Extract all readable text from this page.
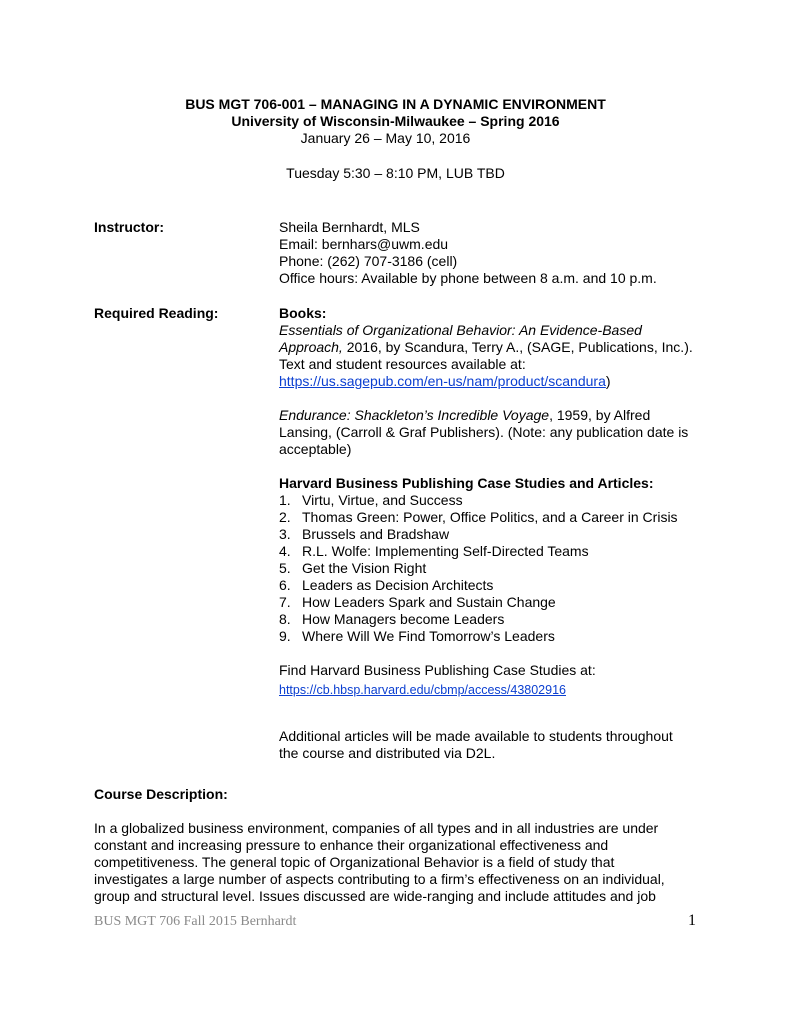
BUS MGT 706-001 – MANAGING IN A DYNAMIC ENVIRONMENT
University of Wisconsin-Milwaukee – Spring 2016
January 26 – May 10, 2016
Tuesday 5:30 – 8:10 PM, LUB TBD
Instructor:	Sheila Bernhardt, MLS
Email: bernhars@uwm.edu
Phone: (262) 707-3186 (cell)
Office hours: Available by phone between 8 a.m. and 10 p.m.
Required Reading:	Books:
Essentials of Organizational Behavior: An Evidence-Based
Approach, 2016, by Scandura, Terry A., (SAGE, Publications, Inc.).
Text and student resources available at:
https://us.sagepub.com/en-us/nam/product/scandura)
Endurance: Shackleton’s Incredible Voyage, 1959, by Alfred
Lansing, (Carroll & Graf Publishers). (Note: any publication date is
acceptable)
Harvard Business Publishing Case Studies and Articles:
1. Virtu, Virtue, and Success
2. Thomas Green: Power, Office Politics, and a Career in Crisis
3. Brussels and Bradshaw
4. R.L. Wolfe: Implementing Self-Directed Teams
5. Get the Vision Right
6. Leaders as Decision Architects
7. How Leaders Spark and Sustain Change
8. How Managers become Leaders
9. Where Will We Find Tomorrow’s Leaders
Find Harvard Business Publishing Case Studies at:
https://cb.hbsp.harvard.edu/cbmp/access/43802916
Additional articles will be made available to students throughout
the course and distributed via D2L.
Course Description:
In a globalized business environment, companies of all types and in all industries are under
constant and increasing pressure to enhance their organizational effectiveness and
competitiveness. The general topic of Organizational Behavior is a field of study that
investigates a large number of aspects contributing to a firm’s effectiveness on an individual,
group and structural level. Issues discussed are wide-ranging and include attitudes and job
BUS MGT 706 Fall 2015 Bernhardt	1
